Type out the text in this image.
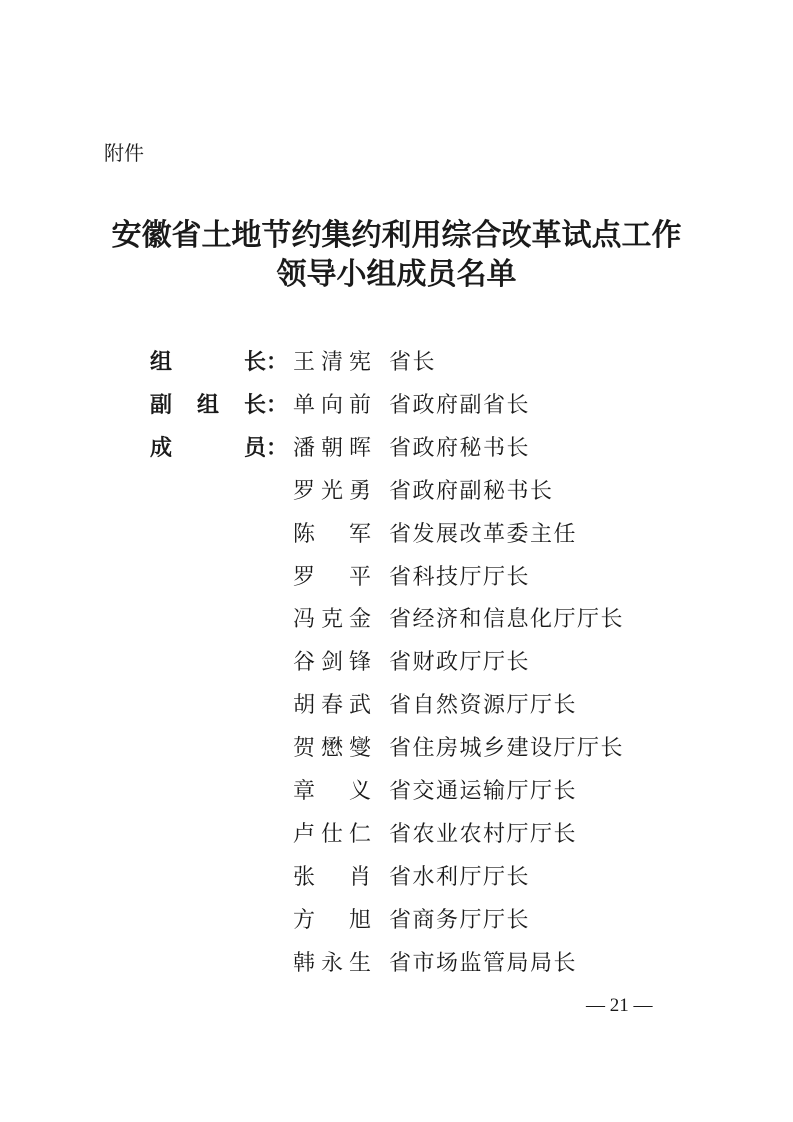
附件
安徽省土地节约集约利用综合改革试点工作
领导小组成员名单
组	长 ：
副 组 长 ：
成	员 ：
王 清 宪 省长
单 向 前 省政府副省长
潘 朝 晖 省政府秘书长
罗 光 勇 省政府副秘书长
陈 军 省发展改革委主任
罗 平 省科技厅厅长
冯 克 金 省经济和信息化厅厅长
谷 剑 锋 省财政厅厅长
胡 春 武 省自然资源厅厅长
贺 懋 燮 省住房城乡建设厅厅长
章 义 省交通运输厅厅长
卢 仕 仁 省农业农村厅厅长
张 肖 省水利厅厅长
方 旭 省商务厅厅长
韩 永 生 省市场监管局局长
— 21 —
